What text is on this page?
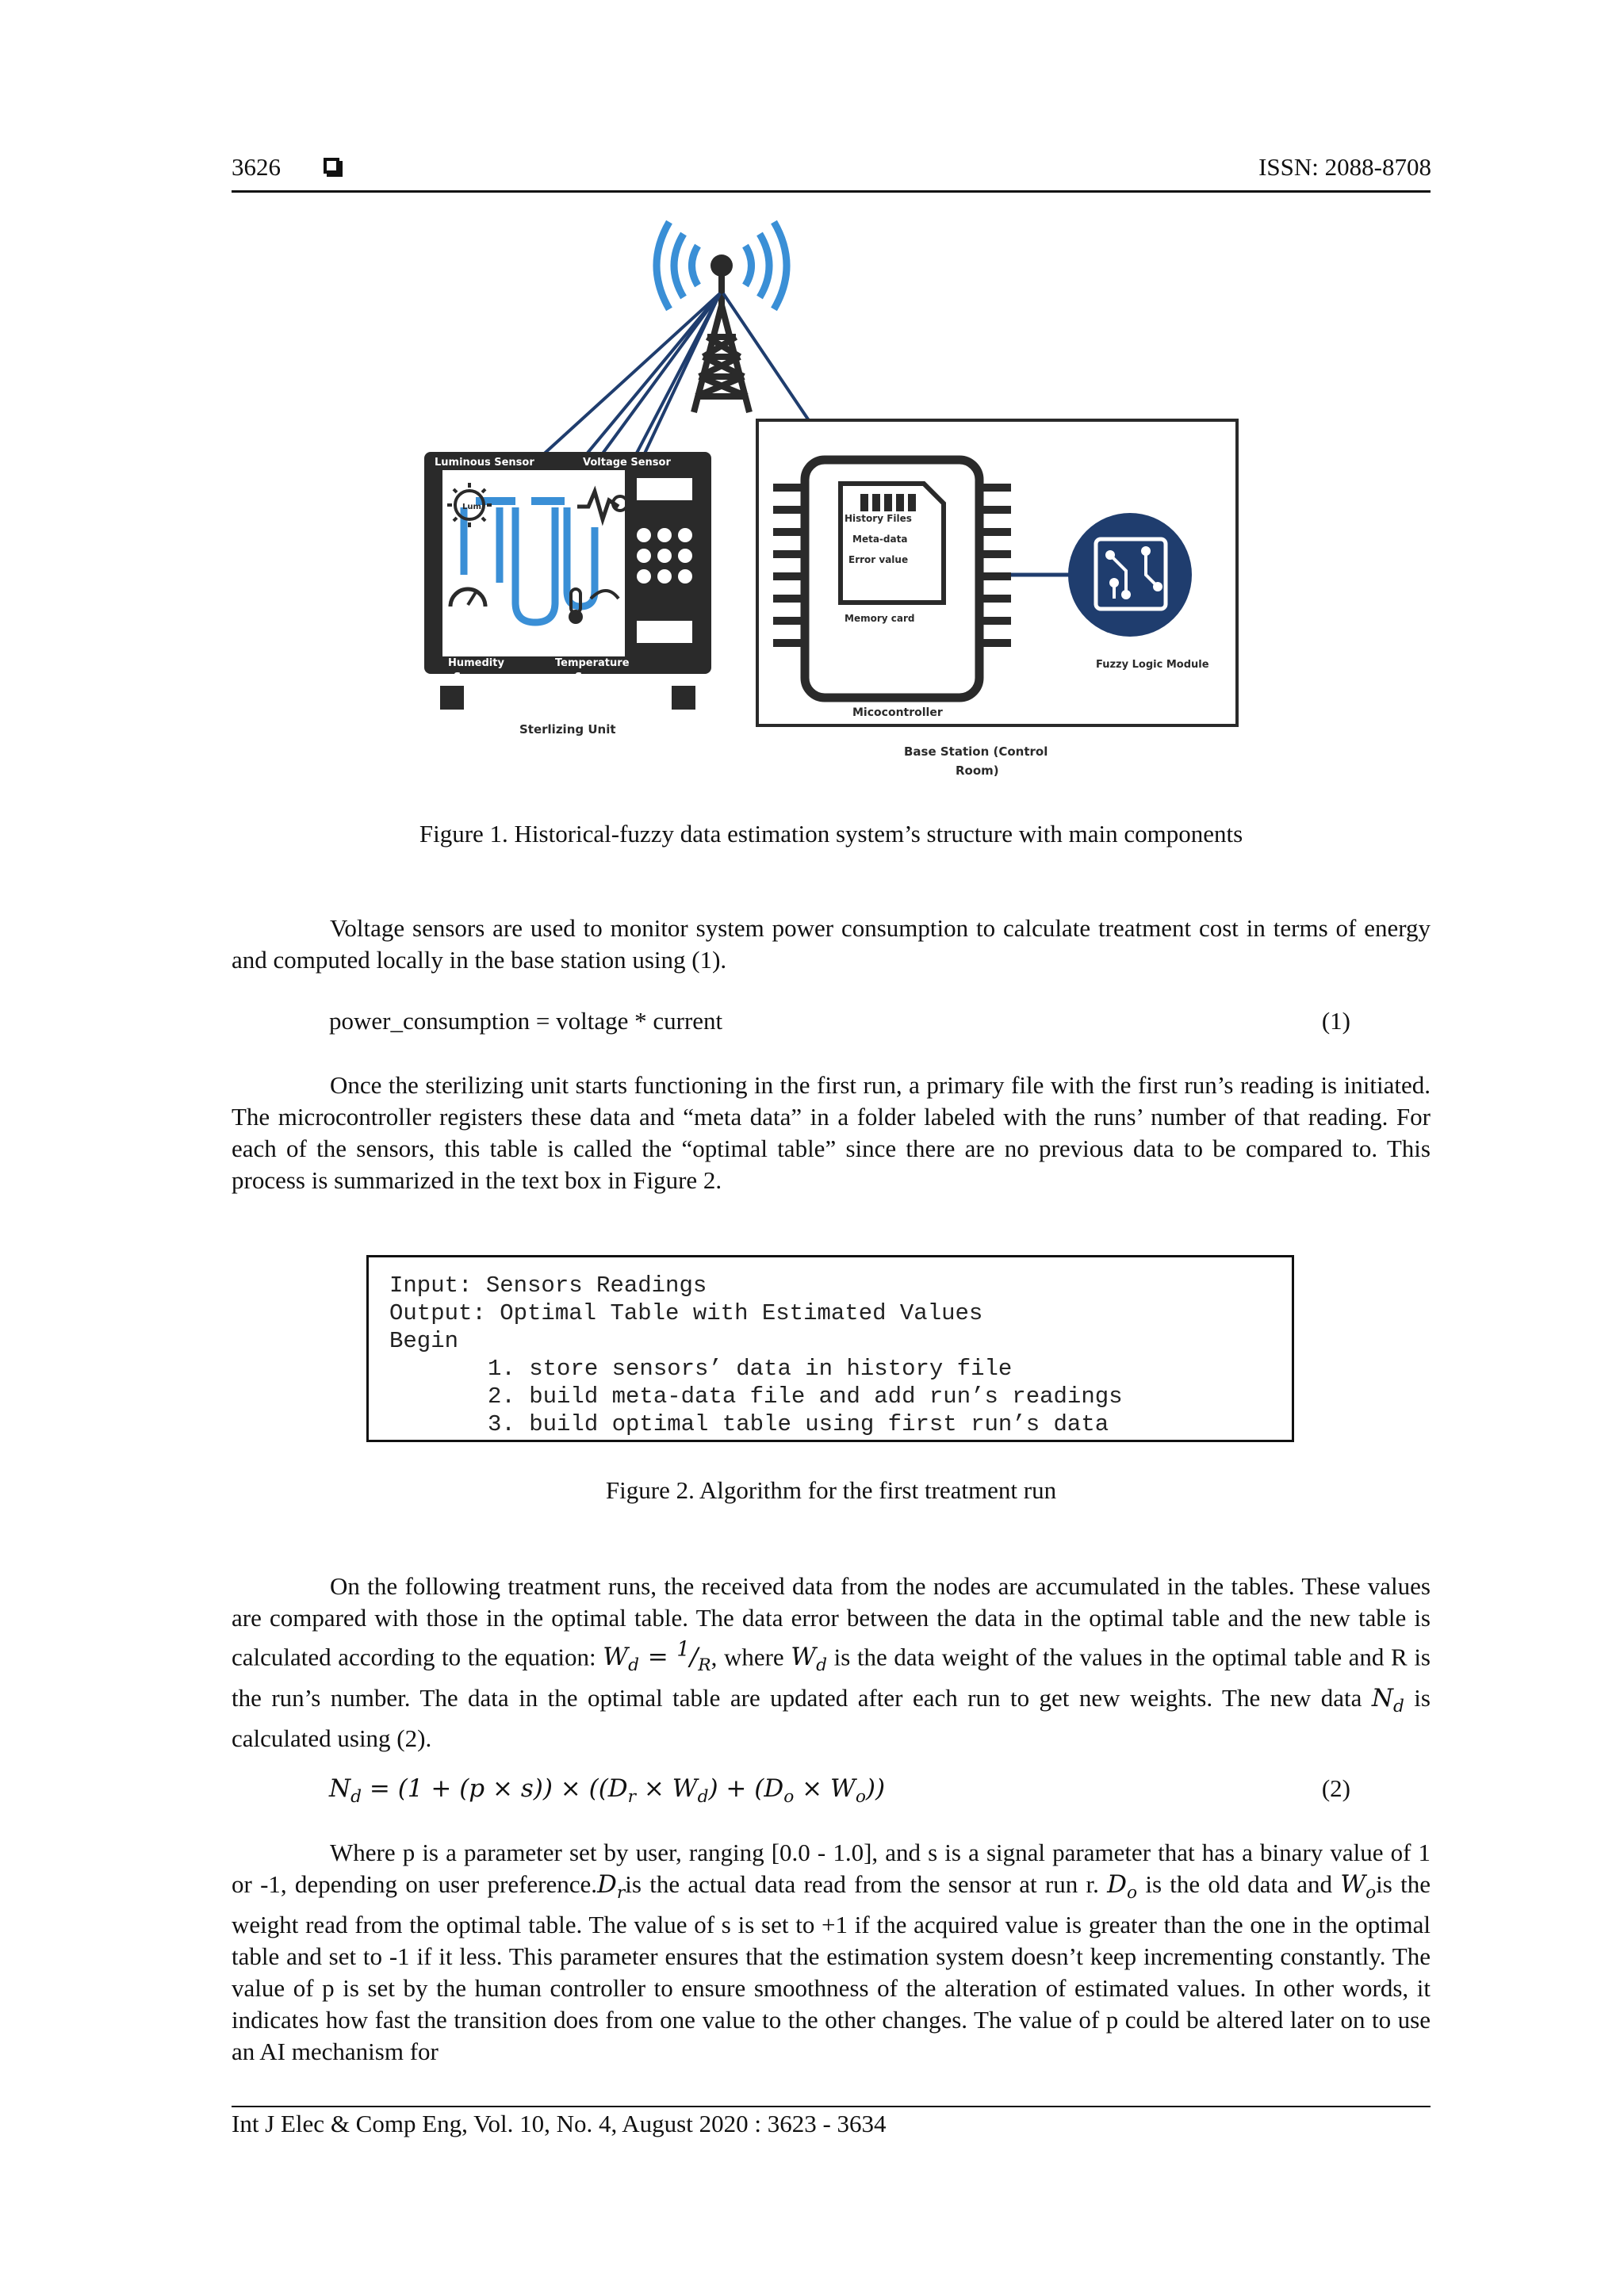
3626	ISSN: 2088-8708
Luminous Sensor	Voltage Sensor
Lum
Humedity Sensor
Temperature Sensor
Sterlizing Unit
History Files
Meta-data
Error value
Memory card
Fuzzy Logic Module
Micocontroller
Base Station (Control
Room)
Figure 1. Historical-fuzzy data estimation system’s structure with main components

Voltage sensors are used to monitor system power consumption to calculate treatment cost in terms of energy and computed locally in the base station using (1).

power_consumption = voltage * current	(1)

Once the sterilizing unit starts functioning in the first run, a primary file with the first run’s reading is initiated. The microcontroller registers these data and “meta data” in a folder labeled with the runs’ number of that reading. For each of the sensors, this table is called the “optimal table” since there are no previous data to be compared to. This process is summarized in the text box in Figure 2.

Input: Sensors Readings
Output: Optimal Table with Estimated Values
Begin
1. store sensors’ data in history file
2. build meta-data file and add run’s readings
3. build optimal table using first run’s data
Figure 2. Algorithm for the first treatment run

On the following treatment runs, the received data from the nodes are accumulated in the tables. These values are compared with those in the optimal table. The data error between the data in the optimal table and the new table is calculated according to the equation: $W_d = ^1/_R$, where $W_d$ is the data weight of the values in the optimal table and R is the run’s number. The data in the optimal table are updated after each run to get new weights. The new data $N_d$ is calculated using (2).

$N_d = (1 + (p \times s)) \times ((D_r \times W_d) + (D_o \times W_o))$	(2)

Where p is a parameter set by user, ranging [0.0 - 1.0], and s is a signal parameter that has a binary value of 1 or -1, depending on user $preference.D_ris$ the actual data read from the sensor at run r. $D_o$ is the old data and $W_ois$ the weight read from the optimal table. The value of s is set to +1 if the acquired value is greater than the one in the optimal table and set to -1 if it less. This parameter ensures that the estimation system doesn’t keep incrementing constantly. The value of p is set by the human controller to ensure smoothness of the alteration of estimated values. In other words, it indicates how fast the transition does from one value to the other changes. The value of p could be altered later on to use an AI mechanism for

Int J Elec & Comp Eng, Vol. 10, No. 4, August 2020 : 3623 - 3634
